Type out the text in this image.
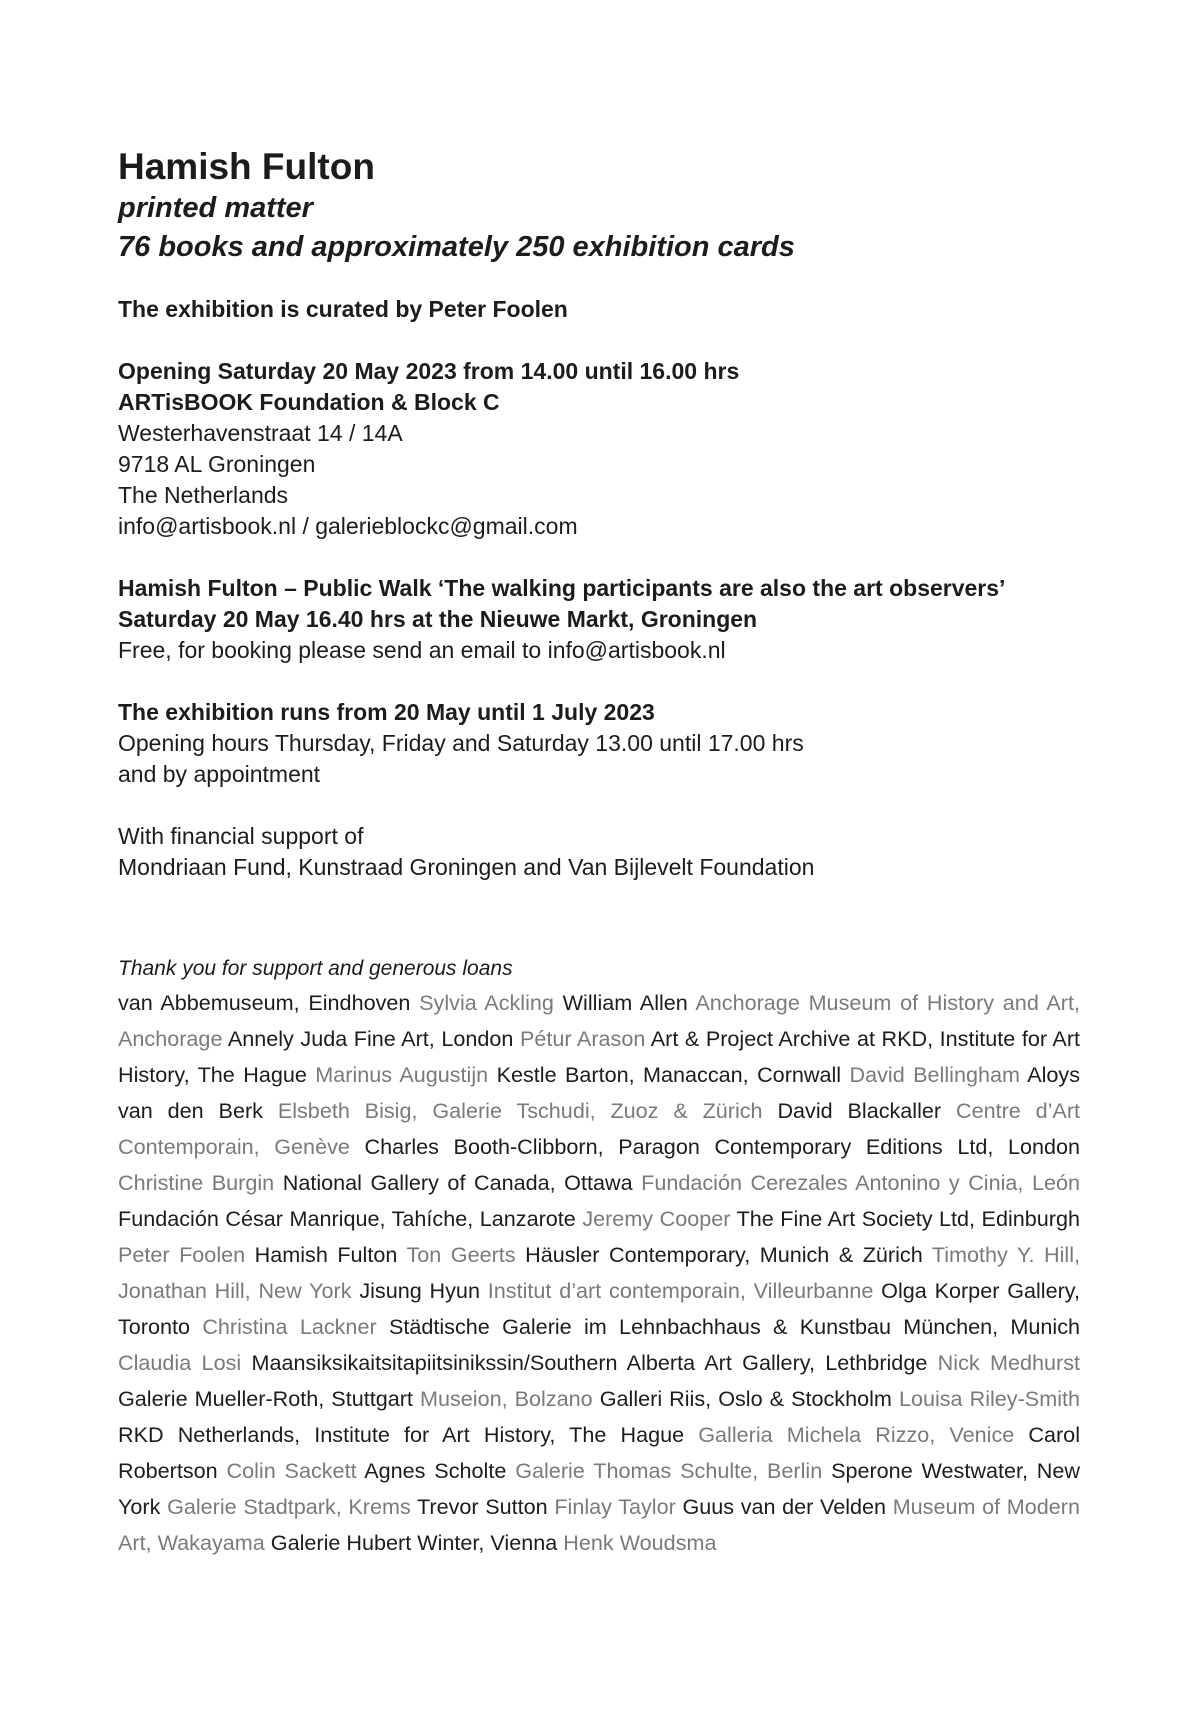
Hamish Fulton
printed matter
76 books and approximately 250 exhibition cards
The exhibition is curated by Peter Foolen
Opening Saturday 20 May 2023 from 14.00 until 16.00 hrs
ARTisBOOK Foundation & Block C
Westerhavenstraat 14 / 14A
9718 AL Groningen
The Netherlands
info@artisbook.nl / galerieblockc@gmail.com
Hamish Fulton – Public Walk ‘The walking participants are also the art observers’
Saturday 20 May 16.40 hrs at the Nieuwe Markt, Groningen
Free, for booking please send an email to info@artisbook.nl
The exhibition runs from 20 May until 1 July 2023
Opening hours Thursday, Friday and Saturday 13.00 until 17.00 hrs
and by appointment
With financial support of
Mondriaan Fund, Kunstraad Groningen and Van Bijlevelt Foundation
Thank you for support and generous loans

van Abbemuseum, Eindhoven Sylvia Ackling William Allen Anchorage Museum of History and Art, Anchorage Annely Juda Fine Art, London Pétur Arason Art & Project Archive at RKD, Institute for Art History, The Hague Marinus Augustijn Kestle Barton, Manaccan, Cornwall David Bellingham Aloys van den Berk Elsbeth Bisig, Galerie Tschudi, Zuoz & Zürich David Blackaller Centre d’Art Contemporain, Genève Charles Booth-Clibborn, Paragon Contemporary Editions Ltd, London Christine Burgin National Gallery of Canada, Ottawa Fundación Cerezales Antonino y Cinia, León Fundación César Manrique, Tahíche, Lanzarote Jeremy Cooper The Fine Art Society Ltd, Edinburgh Peter Foolen Hamish Fulton Ton Geerts Häusler Contemporary, Munich & Zürich Timothy Y. Hill, Jonathan Hill, New York Jisung Hyun Institut d’art contemporain, Villeurbanne Olga Korper Gallery, Toronto Christina Lackner Städtische Galerie im Lehnbachhaus & Kunstbau München, Munich Claudia Losi Maansiksikaitsitapiitsinikssin/Southern Alberta Art Gallery, Lethbridge Nick Medhurst Galerie Mueller-Roth, Stuttgart Museion, Bolzano Galleri Riis, Oslo & Stockholm Louisa Riley-Smith RKD Netherlands, Institute for Art History, The Hague Galleria Michela Rizzo, Venice Carol Robertson Colin Sackett Agnes Scholte Galerie Thomas Schulte, Berlin Sperone Westwater, New York Galerie Stadtpark, Krems Trevor Sutton Finlay Taylor Guus van der Velden Museum of Modern Art, Wakayama Galerie Hubert Winter, Vienna Henk Woudsma
